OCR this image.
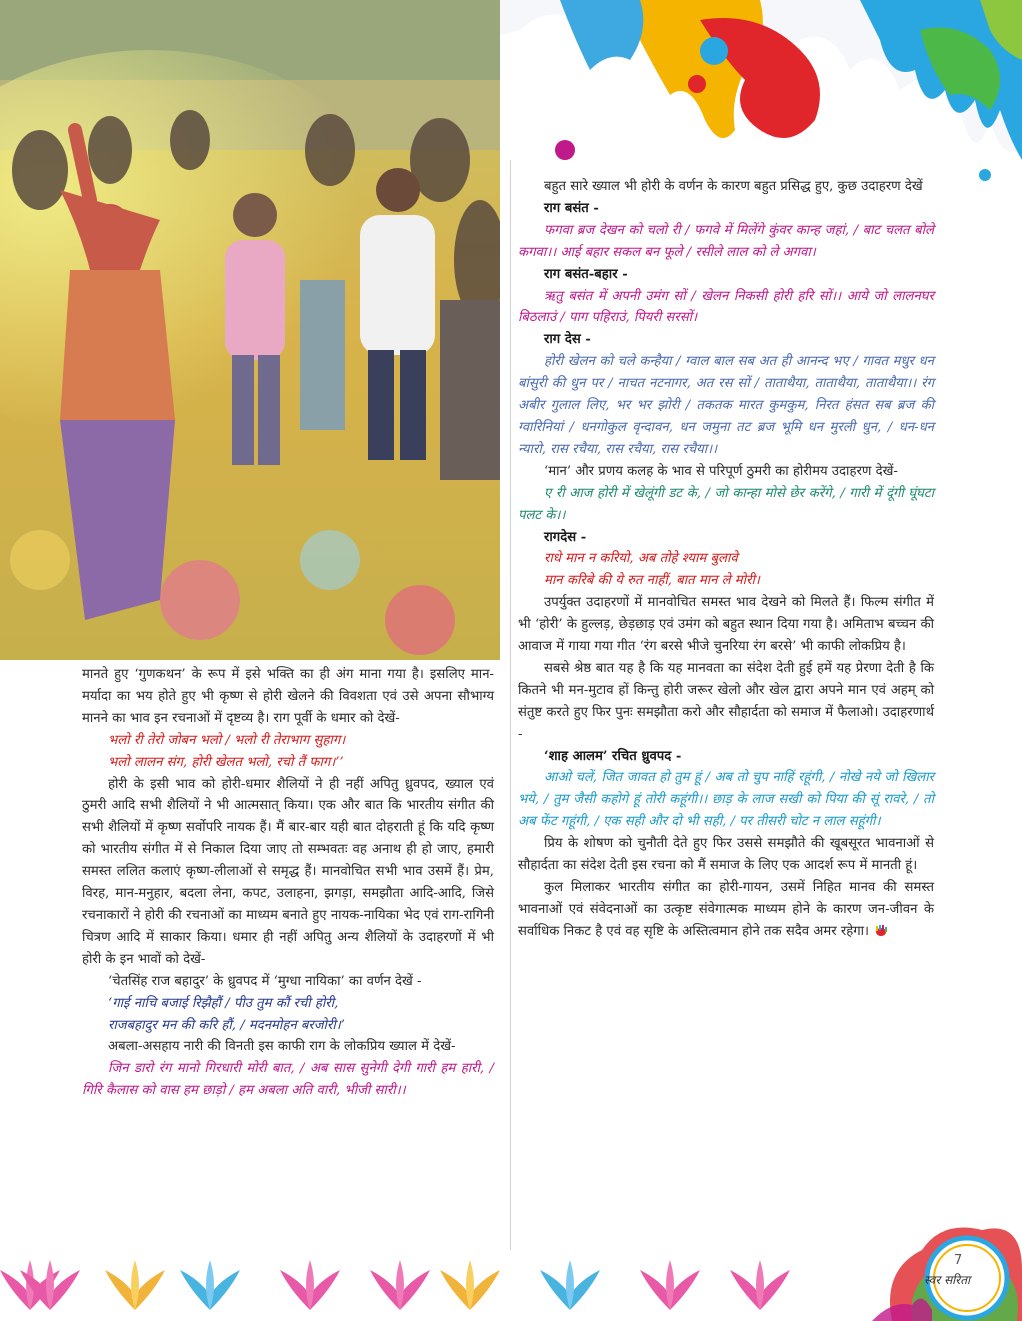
मानते हुए ‘गुणकथन’ के रूप में इसे भक्ति का ही अंग माना गया है। इसलिए मान-मर्यादा का भय होते हुए भी कृष्ण से होरी खेलने की विवशता एवं उसे अपना सौभाग्य मानने का भाव इन रचनाओं में दृष्टव्य है। राग पूर्वी के धमार को देखें-

भलो री तेरो जोबन भलो / भलो री तेराभाग सुहाग।

भलो लालन संग, होरी खेलत भलो, रचो तैं फाग।’’

होरी के इसी भाव को होरी-धमार शैलियों ने ही नहीं अपितु ध्रुवपद, ख्याल एवं ठुमरी आदि सभी शैलियों ने भी आत्मसात् किया। एक और बात कि भारतीय संगीत की सभी शैलियों में कृष्ण सर्वोपरि नायक हैं। मैं बार-बार यही बात दोहराती हूं कि यदि कृष्ण को भारतीय संगीत में से निकाल दिया जाए तो सम्भवतः वह अनाथ ही हो जाए, हमारी समस्त ललित कलाएं कृष्ण-लीलाओं से समृद्ध हैं। मानवोचित सभी भाव उसमें हैं। प्रेम, विरह, मान-मनुहार, बदला लेना, कपट, उलाहना, झगड़ा, समझौता आदि-आदि, जिसे रचनाकारों ने होरी की रचनाओं का माध्यम बनाते हुए नायक-नायिका भेद एवं राग-रागिनी चित्रण आदि में साकार किया। धमार ही नहीं अपितु अन्य शैलियों के उदाहरणों में भी होरी के इन भावों को देखें-

‘चेतसिंह राज बहादुर’ के ध्रुवपद में ‘मुग्धा नायिका’ का वर्णन देखें -

‘गाई नाचि बजाई रिझैहौं / पीउ तुम कौं रची होरी,

राजबहादुर मन की करि हौं, / मदनमोहन बरजोरी।’

अबला-असहाय नारी की विनती इस काफी राग के लोकप्रिय ख्याल में देखें-

जिन डारो रंग मानो गिरधारी मोरी बात, / अब सास सुनेगी देगी गारी हम हारी, / गिरि कैलास को वास हम छाड़ो / हम अबला अति वारी, भीजी सारी।।

बहुत सारे ख्याल भी होरी के वर्णन के कारण बहुत प्रसिद्ध हुए, कुछ उदाहरण देखें

राग बसंत -

फगवा ब्रज देखन को चलो री / फगवे में मिलेंगे कुंवर कान्ह जहां, / बाट चलत बोले कगवा।। आई बहार सकल बन फूले / रसीले लाल को ले अगवा।

राग बसंत-बहार -

ऋतु बसंत में अपनी उमंग सों / खेलन निकसी होरी हरि सों।। आये जो लालनघर बिठलाउं / पाग पहिराउं, पियरी सरसों।

राग देस -

होरी खेलन को चले कन्हैया / ग्वाल बाल सब अत ही आनन्द भए / गावत मधुर धन बांसुरी की धुन पर / नाचत नटनागर, अत रस सों / ताताथैया, ताताथैया, ताताथैया।। रंग अबीर गुलाल लिए, भर भर झोरी / तकतक मारत कुमकुम, निरत हंसत सब ब्रज की ग्वारिनियां / धनगोकुल वृन्दावन, धन जमुना तट ब्रज भूमि धन मुरली धुन, / धन-धन न्यारो, रास रचैया, रास रचैया, रास रचैया।।

‘मान’ और प्रणय कलह के भाव से परिपूर्ण ठुमरी का होरीमय उदाहरण देखें-

ए री आज होरी में खेलूंगी डट के, / जो कान्हा मोसे छेर करेंगे, / गारी में दूंगी घूंघटा पलट के।।

रागदेस -

राधे मान न करियो, अब तोहे श्याम बुलावे

मान करिबे की ये रुत नाहीं, बात मान ले मोरी।

उपर्युक्त उदाहरणों में मानवोचित समस्त भाव देखने को मिलते हैं। फिल्म संगीत में भी ‘होरी’ के हुल्लड़, छेड़छाड़ एवं उमंग को बहुत स्थान दिया गया है। अमिताभ बच्चन की आवाज में गाया गया गीत ‘रंग बरसे भीजे चुनरिया रंग बरसे’ भी काफी लोकप्रिय है।

सबसे श्रेष्ठ बात यह है कि यह मानवता का संदेश देती हुई हमें यह प्रेरणा देती है कि कितने भी मन-मुटाव हों किन्तु होरी जरूर खेलो और खेल द्वारा अपने मान एवं अहम् को संतुष्ट करते हुए फिर पुनः समझौता करो और सौहार्दता को समाज में फैलाओ। उदाहरणार्थ -

‘शाह आलम’ रचित ध्रुवपद -

आओ चलें, जित जावत हो तुम हूं / अब तो चुप नाहिं रहूंगी, / नोखे नये जो खिलार भये, / तुम जैसी कहोगे हूं तोरी कहूंगी।। छाड़ के लाज सखी को पिया की सूं रावरे, / तो अब फेंट गहूंगी, / एक सही और दो भी सही, / पर तीसरी चोट न लाल सहूंगी।

प्रिय के शोषण को चुनौती देते हुए फिर उससे समझौते की खूबसूरत भावनाओं से सौहार्दता का संदेश देती इस रचना को मैं समाज के लिए एक आदर्श रूप में मानती हूं।

कुल मिलाकर भारतीय संगीत का होरी-गायन, उसमें निहित मानव की समस्त भावनाओं एवं संवेदनाओं का उत्कृष्ट संवेगात्मक माध्यम होने के कारण जन-जीवन के सर्वाधिक निकट है एवं वह सृष्टि के अस्तित्वमान होने तक सदैव अमर रहेगा।

7
स्वर सरिता
